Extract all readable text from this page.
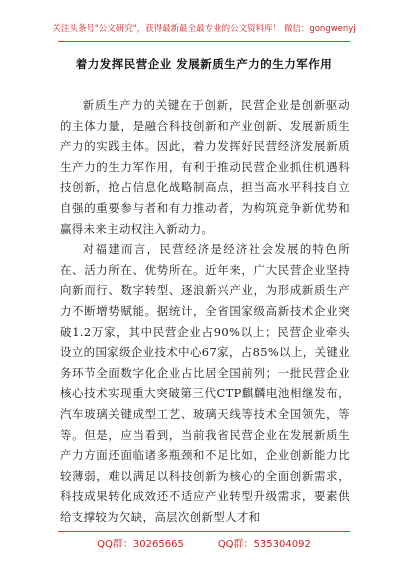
关注头条号"公文研究"，获得最新最全最专业的公文资料库！ 微信：gongwenyj
着力发挥民营企业 发展新质生产力的生力军作用

新质生产力的关键在于创新，民营企业是创新驱动的主体力量，是融合科技创新和产业创新、发展新质生产力的实践主体。因此，着力发挥好民营经济发展新质生产力的生力军作用，有利于推动民营企业抓住机遇科技创新，抢占信息化战略制高点，担当高水平科技自立自强的重要参与者和有力推动者，为构筑竞争新优势和赢得未来主动权注入新动力。

对福建而言，民营经济是经济社会发展的特色所在、活力所在、优势所在。近年来，广大民营企业坚持向新而行、数字转型、逐浪新兴产业，为形成新质生产力不断增势赋能。据统计，全省国家级高新技术企业突破1.2万家，其中民营企业占90%以上；民营企业牵头设立的国家级企业技术中心67家，占85%以上，关键业务环节全面数字化企业占比居全国前列；一批民营企业核心技术实现重大突破第三代CTP麒麟电池相继发布，汽车玻璃关键成型工艺、玻璃天线等技术全国领先，等等。但是，应当看到，当前我省民营企业在发展新质生产力方面还面临诸多瓶颈和不足比如，企业创新能力比较薄弱，难以满足以科技创新为核心的全面创新需求，科技成果转化成效还不适应产业转型升级需求，要素供给支撑较为欠缺，高层次创新型人才和

QQ群：30265665	QQ群：535304092
